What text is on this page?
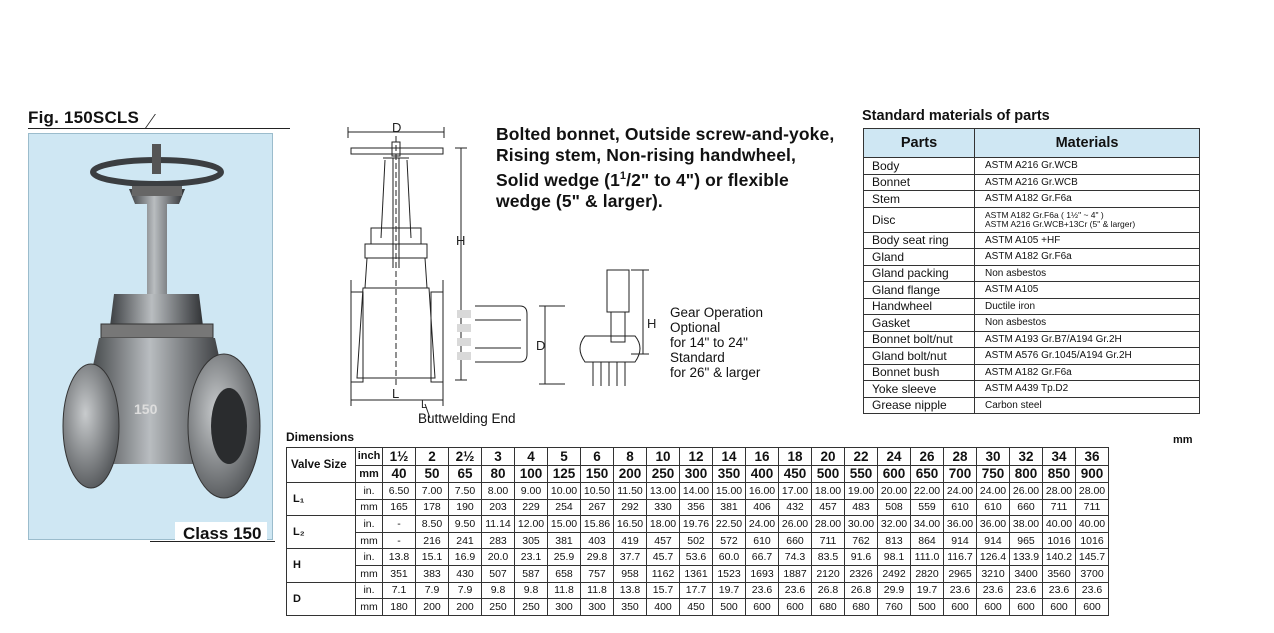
Fig. 150SCLS
150
Class 150
D
H
L
L
D
H
Buttwelding End
Gear Operation
Optional
for 14" to 24"
Standard
for 26" & larger
Bolted bonnet, Outside screw-and-yoke,
Rising stem, Non-rising handwheel,
Solid wedge ($1^1/2$" to 4") or flexible
wedge (5" & larger).
Standard materials of parts
Parts	Materials
Body	ASTM A216 Gr.WCB

Bonnet	ASTM A216 Gr.WCB

Stem	ASTM A182 Gr.F6a

Disc	ASTM A182 Gr.F6a ( 1½" ~ 4" )
ASTM A216 Gr.WCB+13Cr (5" & larger)

Body seat ring	ASTM A105 +HF

Gland	ASTM A182 Gr.F6a

Gland packing	Non asbestos

Gland flange	ASTM A105

Handwheel	Ductile iron

Gasket	Non asbestos

Bonnet bolt/nut	ASTM A193 Gr.B7/A194 Gr.2H

Gland bolt/nut	ASTM A576 Gr.1045/A194 Gr.2H

Bonnet bush	ASTM A182 Gr.F6a

Yoke sleeve	ASTM A439 Tp.D2

Grease nipple	Carbon steel
Dimensions	mm
Valve Size	inch	1½	2	2½	3	4	5	6	8	10	12	14	16	18	20	22	24	26	28	30	32	34	36
	mm	40	50	65	80	100	125	150	200	250	300	350	400	450	500	550	600	650	700	750	800	850	900
L₁	in.	6.50	7.00	7.50	8.00	9.00	10.00	10.50	11.50	13.00	14.00	15.00	16.00	17.00	18.00	19.00	20.00	22.00	24.00	24.00	26.00	28.00	28.00
	mm	165	178	190	203	229	254	267	292	330	356	381	406	432	457	483	508	559	610	610	660	711	711
L₂	in.	-	8.50	9.50	11.14	12.00	15.00	15.86	16.50	18.00	19.76	22.50	24.00	26.00	28.00	30.00	32.00	34.00	36.00	36.00	38.00	40.00	40.00
	mm	-	216	241	283	305	381	403	419	457	502	572	610	660	711	762	813	864	914	914	965	1016	1016
H	in.	13.8	15.1	16.9	20.0	23.1	25.9	29.8	37.7	45.7	53.6	60.0	66.7	74.3	83.5	91.6	98.1	111.0	116.7	126.4	133.9	140.2	145.7
	mm	351	383	430	507	587	658	757	958	1162	1361	1523	1693	1887	2120	2326	2492	2820	2965	3210	3400	3560	3700
D	in.	7.1	7.9	7.9	9.8	9.8	11.8	11.8	13.8	15.7	17.7	19.7	23.6	23.6	26.8	26.8	29.9	19.7	23.6	23.6	23.6	23.6	23.6
	mm	180	200	200	250	250	300	300	350	400	450	500	600	600	680	680	760	500	600	600	600	600	600
